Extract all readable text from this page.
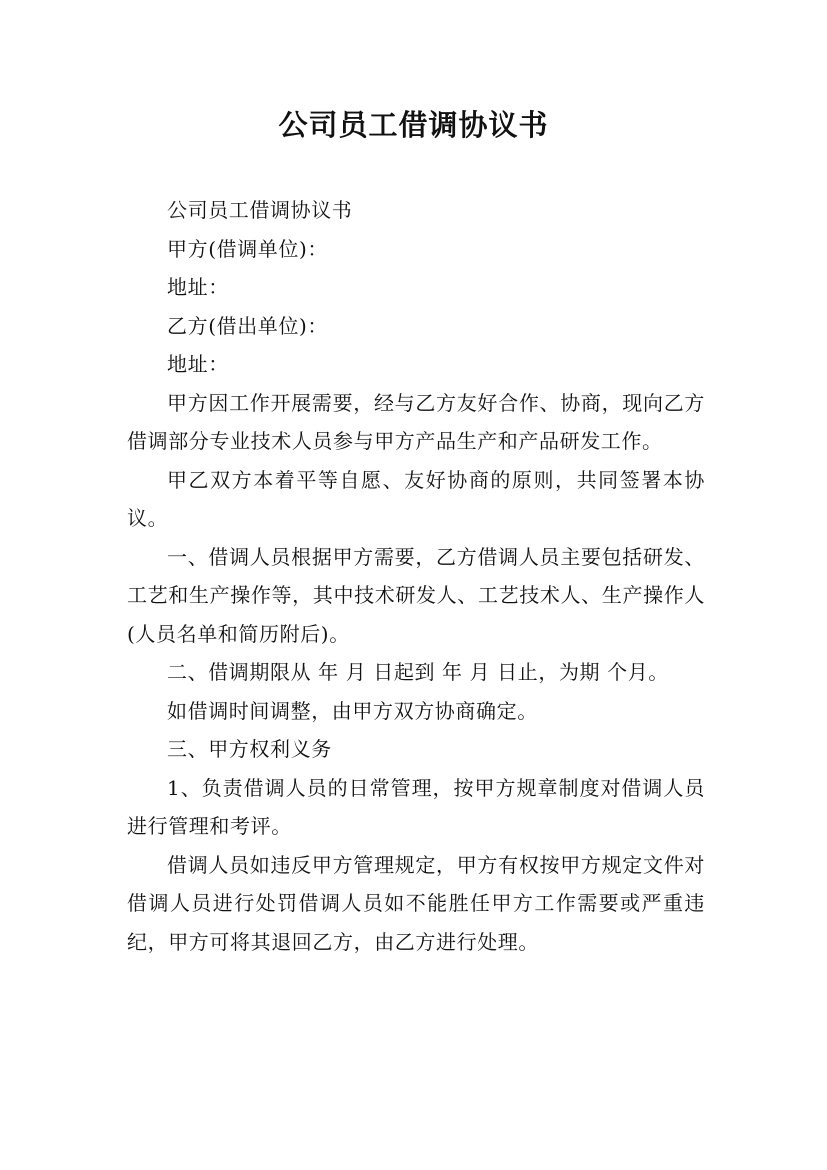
公司员工借调协议书

公司员工借调协议书

甲方(借调单位)：

地址：

乙方(借出单位)：

地址：

甲方因工作开展需要，经与乙方友好合作、协商，现向乙方借调部分专业技术人员参与甲方产品生产和产品研发工作。

甲乙双方本着平等自愿、友好协商的原则，共同签署本协议。

一、借调人员根据甲方需要，乙方借调人员主要包括研发、工艺和生产操作等，其中技术研发人、工艺技术人、生产操作人(人员名单和简历附后)。

二、借调期限从 年 月 日起到 年 月 日止，为期 个月。

如借调时间调整，由甲方双方协商确定。

三、甲方权利义务

1、负责借调人员的日常管理，按甲方规章制度对借调人员进行管理和考评。

借调人员如违反甲方管理规定，甲方有权按甲方规定文件对借调人员进行处罚借调人员如不能胜任甲方工作需要或严重违纪，甲方可将其退回乙方，由乙方进行处理。
